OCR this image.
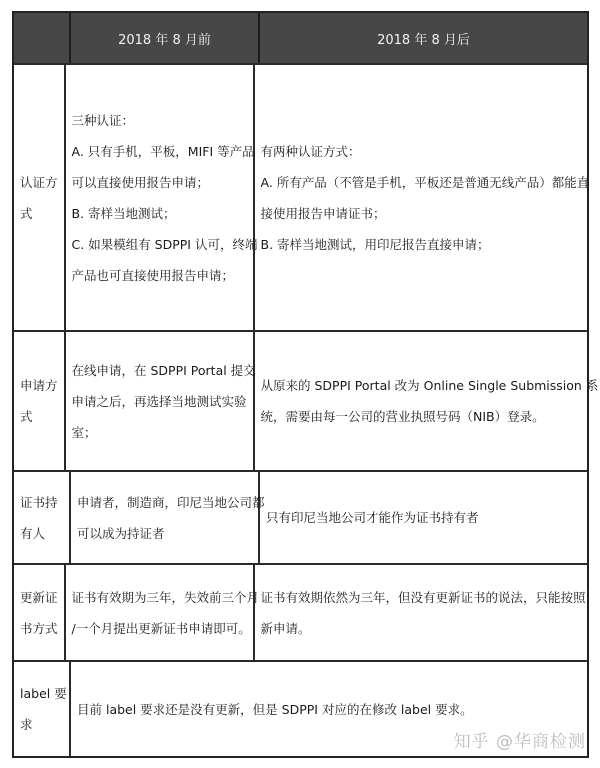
2018 年 8 月前	2018 年 8 月后
认证方
式
三种认证：
A. 只有手机，平板，MIFI 等产品
可以直接使用报告申请；
B. 寄样当地测试；
C. 如果模组有 SDPPI 认可，终端
产品也可直接使用报告申请；
有两种认证方式：
A. 所有产品（不管是手机，平板还是普通无线产品）都能直
接使用报告申请证书；
B. 寄样当地测试，用印尼报告直接申请；
申请方
式
在线申请，在 SDPPI Portal 提交
申请之后，再选择当地测试实验
室；
从原来的 SDPPI Portal 改为 Online Single Submission 系
统，需要由每一公司的营业执照号码（NIB）登录。
证书持
有人
申请者，制造商，印尼当地公司都
可以成为持证者
只有印尼当地公司才能作为证书持有者
更新证
书方式
证书有效期为三年，失效前三个月
/一个月提出更新证书申请即可。
证书有效期依然为三年，但没有更新证书的说法，只能按照
新申请。
label 要
求
目前 label 要求还是没有更新，但是 SDPPI 对应的在修改 label 要求。
知乎 @华商检测
